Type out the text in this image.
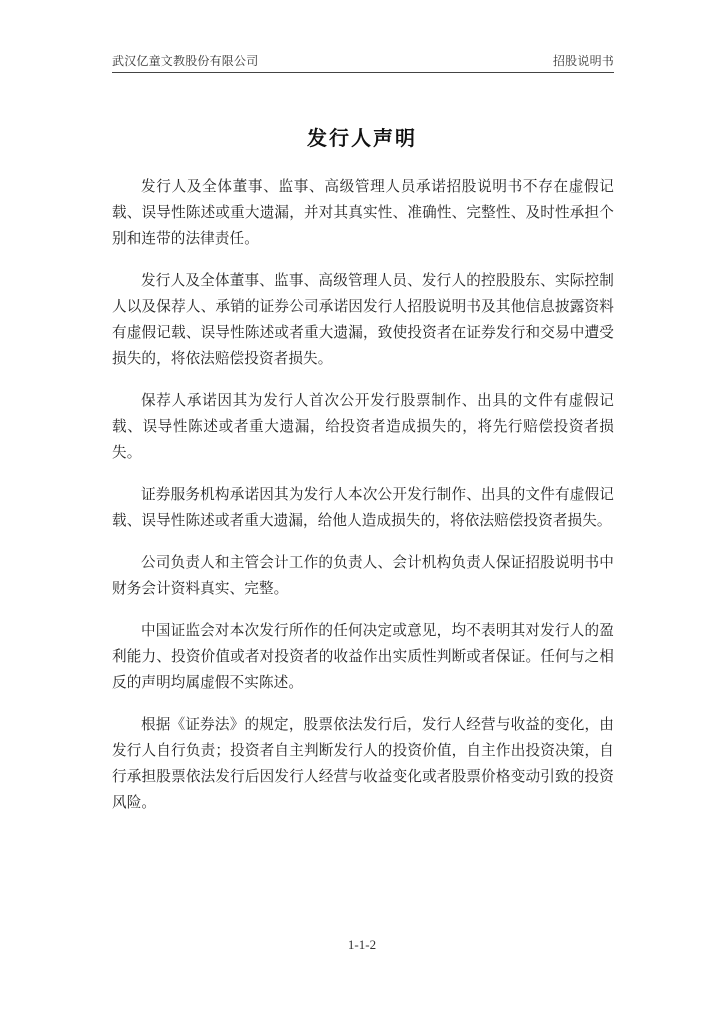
武汉亿童文教股份有限公司	招股说明书
发行人声明

发行人及全体董事、监事、高级管理人员承诺招股说明书不存在虚假记载、误导性陈述或重大遗漏，并对其真实性、准确性、完整性、及时性承担个别和连带的法律责任。

发行人及全体董事、监事、高级管理人员、发行人的控股股东、实际控制人以及保荐人、承销的证券公司承诺因发行人招股说明书及其他信息披露资料有虚假记载、误导性陈述或者重大遗漏，致使投资者在证券发行和交易中遭受损失的，将依法赔偿投资者损失。

保荐人承诺因其为发行人首次公开发行股票制作、出具的文件有虚假记载、误导性陈述或者重大遗漏，给投资者造成损失的，将先行赔偿投资者损失。

证券服务机构承诺因其为发行人本次公开发行制作、出具的文件有虚假记载、误导性陈述或者重大遗漏，给他人造成损失的，将依法赔偿投资者损失。

公司负责人和主管会计工作的负责人、会计机构负责人保证招股说明书中财务会计资料真实、完整。

中国证监会对本次发行所作的任何决定或意见，均不表明其对发行人的盈利能力、投资价值或者对投资者的收益作出实质性判断或者保证。任何与之相反的声明均属虚假不实陈述。

根据《证券法》的规定，股票依法发行后，发行人经营与收益的变化，由发行人自行负责；投资者自主判断发行人的投资价值，自主作出投资决策，自行承担股票依法发行后因发行人经营与收益变化或者股票价格变动引致的投资风险。

1-1-2
